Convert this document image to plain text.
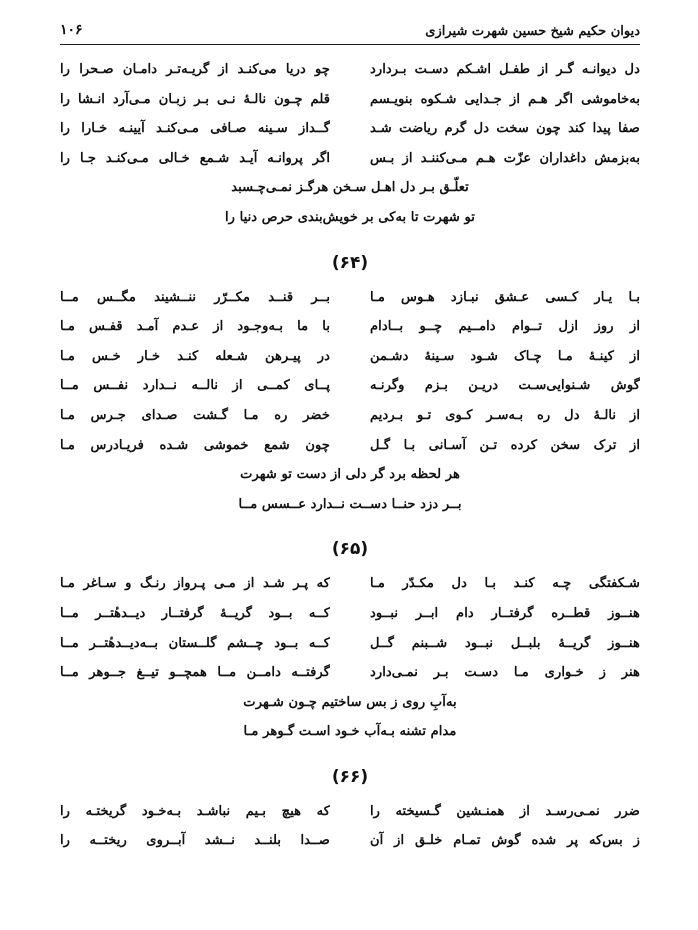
دیوان حکیم شیخ حسین شهرت شیرازی
۱۰۶
دل دیوانـه گـر از طفـل اشـکم دسـت بـردارد
چو دریا می‌کنـد از گریـه‌تـر دامـان صـحرا را
به‌خاموشی اگر هـم از جـدایی شـکوه بنویـسم
قلم چـون نالـهٔ نـی بـر زبـان مـی‌آرد انـشا را
صفا پیدا کند چون سخت دل گرم ریاضت شـد
گــداز سـینه صـافی مـی‌کنـد آیینـه خـارا را
به‌بزمش داغداران عزّت هـم مـی‌کننـد از بـس
اگر پروانـه آیـد شـمع خـالی مـی‌کنـد جـا را
تعلّـق بـر دل اهـل سـخن هرگـز نمـی‌چـسبد
تو شهرت تا به‌کی بر خویش‌بندی حرص دنیا را
(۶۴)
بـا یـار کـسی عـشق نبـازد هـوس مـا
بــر قنــد مکــرّر ننــشیند مگــس مــا
از روز ازل تــوام دامــیم چــو بــادام
با ما بـه‌وجـود از عـدم آمـد قفـس مـا
از کینـهٔ مـا چـاک شـود سـینهٔ دشـمن
در پیـرهن شـعله کنـد خـار خـس مـا
گوش شـنوایی‌سـت دریـن بـزم وگرنـه
پــای کمــی از نالــه نــدارد نفــس مــا
از نالـهٔ دل ره بـه‌سـر کـوی تـو بـردیم
خضر ره مـا گـشت صـدای جـرس مـا
از ترک سخن کرده تـن آسـانی بـا گـل
چون شمع خموشی شـده فریـادرس مـا
هر لحظه برد گر دلی از دست تو شهرت
بــر دزد حنــا دســت نــدارد عــسس مــا
(۶۵)
شـکفتگی چـه کنـد بـا دل مکـدّر مـا
که پـر شـد از مـی پـرواز رنـگ و سـاغر مـا
هنــوز قطــره گرفتــار دام ابــر نبــود
کــه بــود گریــهٔ گرفتــار دیــدهٔتــر مــا
هنــوز گریــهٔ بلبــل نبــود شــبنم گــل
کــه بــود چــشم گلــستان بــه‌دیــدهٔتــر مــا
هنر ز خـواری مـا دسـت بـر نمـی‌دارد
گرفتــه دامــن مــا همچــو تیــغ جــوهر مــا
به‌آبِ روی ز بس ساختیم چـون شـهرت
مدام تشنه بـه‌آب خـود اسـت گـوهر مـا
(۶۶)
ضرر نمـی‌رسـد از همنـشین گـسیخته را
که هیچ بـیم نباشـد بـه‌خـود گریختـه را
ز بس‌که پر شده گوش تمـام خلـق از آن
صــدا بلنــد نــشد آبــروی ریختــه را
